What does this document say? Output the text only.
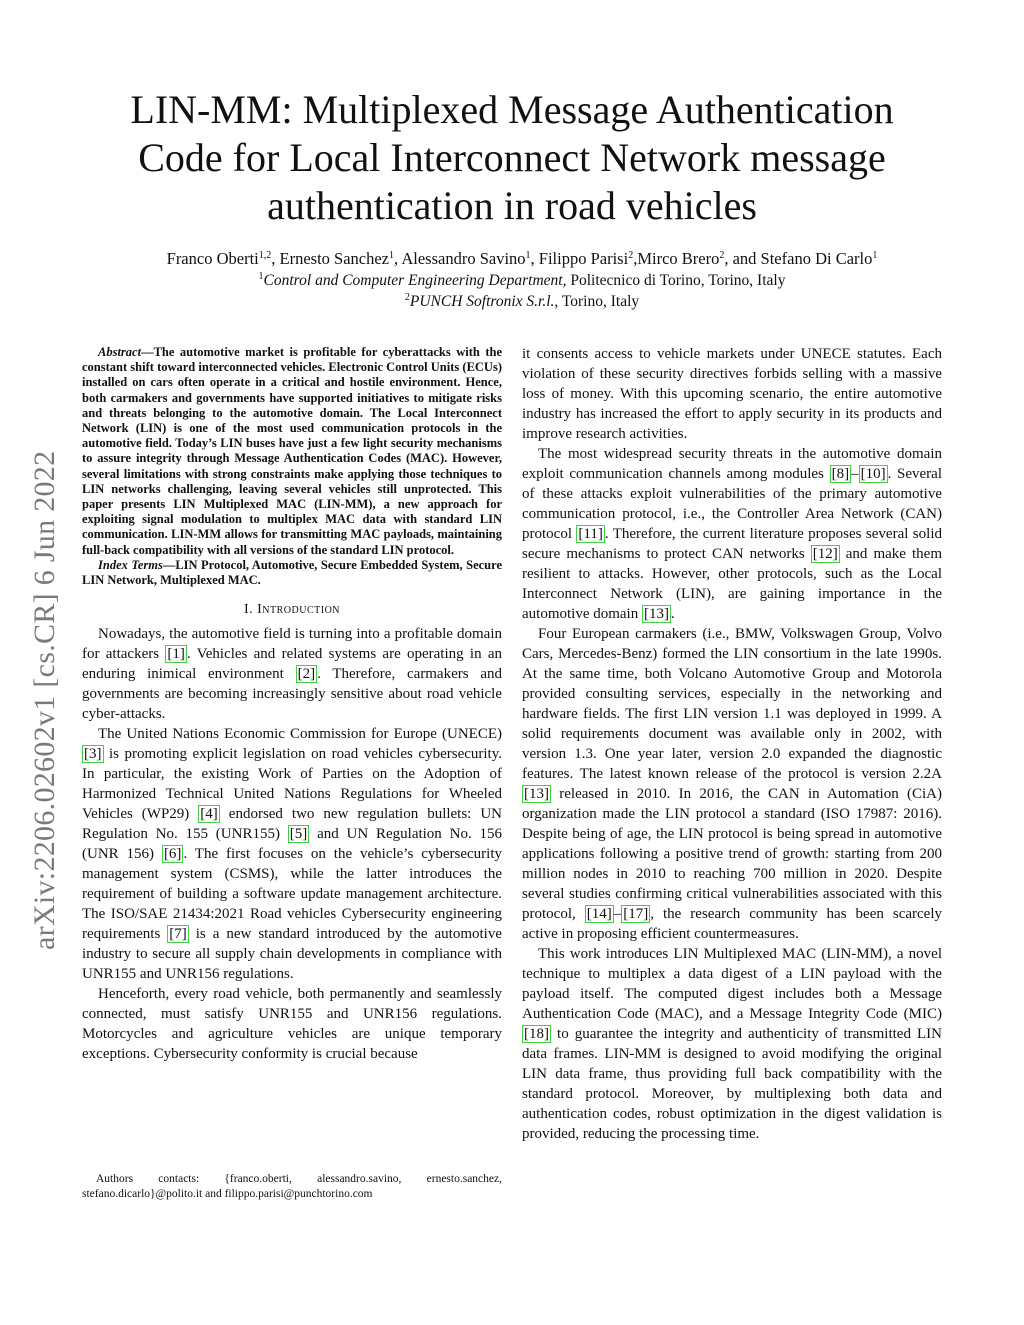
LIN-MM: Multiplexed Message Authentication Code for Local Interconnect Network message authentication in road vehicles
Franco Oberti$^{1,2}$, Ernesto Sanchez$^1$, Alessandro Savino$^1$, Filippo Parisi$^2$,Mirco Brero$^2$, and Stefano Di Carlo$^1$
$^1$Control and Computer Engineering Department, Politecnico di Torino, Torino, Italy
$^2$PUNCH Softronix S.r.l., Torino, Italy
arXiv:2206.02602v1 [cs.CR] 6 Jun 2022

Abstract—The automotive market is profitable for cyberattacks with the constant shift toward interconnected vehicles. Electronic Control Units (ECUs) installed on cars often operate in a critical and hostile environment. Hence, both carmakers and governments have supported initiatives to mitigate risks and threats belonging to the automotive domain. The Local Interconnect Network (LIN) is one of the most used communication protocols in the automotive field. Today’s LIN buses have just a few light security mechanisms to assure integrity through Message Authentication Codes (MAC). However, several limitations with strong constraints make applying those techniques to LIN networks challenging, leaving several vehicles still unprotected. This paper presents LIN Multiplexed MAC (LIN-MM), a new approach for exploiting signal modulation to multiplex MAC data with standard LIN communication. LIN-MM allows for transmitting MAC payloads, maintaining full-back compatibility with all versions of the standard LIN protocol.

Index Terms—LIN Protocol, Automotive, Secure Embedded System, Secure LIN Network, Multiplexed MAC.

I. Introduction

Nowadays, the automotive field is turning into a profitable domain for attackers [1] . Vehicles and related systems are operating in an enduring inimical environment [2] . Therefore, carmakers and governments are becoming increasingly sensitive about road vehicle cyber-attacks.

The United Nations Economic Commission for Europe (UNECE) [3] is promoting explicit legislation on road vehicles cybersecurity. In particular, the existing Work of Parties on the Adoption of Harmonized Technical United Nations Regulations for Wheeled Vehicles (WP29) [4] endorsed two new regulation bullets: UN Regulation No. 155 (UNR155) [5] and UN Regulation No. 156 (UNR 156) [6] . The first focuses on the vehicle’s cybersecurity management system (CSMS), while the latter introduces the requirement of building a software update management architecture. The ISO/SAE 21434:2021 Road vehicles Cybersecurity engineering requirements [7] is a new standard introduced by the automotive industry to secure all supply chain developments in compliance with UNR155 and UNR156 regulations.

Henceforth, every road vehicle, both permanently and seamlessly connected, must satisfy UNR155 and UNR156 regulations. Motorcycles and agriculture vehicles are unique temporary exceptions. Cybersecurity conformity is crucial because

Authors contacts: {franco.oberti, alessandro.savino, ernesto.sanchez, stefano.dicarlo}@polito.it and filippo.parisi@punchtorino.com

it consents access to vehicle markets under UNECE statutes. Each violation of these security directives forbids selling with a massive loss of money. With this upcoming scenario, the entire automotive industry has increased the effort to apply security in its products and improve research activities.

The most widespread security threats in the automotive domain exploit communication channels among modules [8] – [10] . Several of these attacks exploit vulnerabilities of the primary automotive communication protocol, i.e., the Controller Area Network (CAN) protocol [11] . Therefore, the current literature proposes several solid secure mechanisms to protect CAN networks [12] and make them resilient to attacks. However, other protocols, such as the Local Interconnect Network (LIN), are gaining importance in the automotive domain [13] .

Four European carmakers (i.e., BMW, Volkswagen Group, Volvo Cars, Mercedes-Benz) formed the LIN consortium in the late 1990s. At the same time, both Volcano Automotive Group and Motorola provided consulting services, especially in the networking and hardware fields. The first LIN version 1.1 was deployed in 1999. A solid requirements document was available only in 2002, with version 1.3. One year later, version 2.0 expanded the diagnostic features. The latest known release of the protocol is version 2.2A [13] released in 2010. In 2016, the CAN in Automation (CiA) organization made the LIN protocol a standard (ISO 17987: 2016). Despite being of age, the LIN protocol is being spread in automotive applications following a positive trend of growth: starting from 200 million nodes in 2010 to reaching 700 million in 2020. Despite several studies confirming critical vulnerabilities associated with this protocol, [14] – [17] , the research community has been scarcely active in proposing efficient countermeasures.

This work introduces LIN Multiplexed MAC (LIN-MM), a novel technique to multiplex a data digest of a LIN payload with the payload itself. The computed digest includes both a Message Authentication Code (MAC), and a Message Integrity Code (MIC) [18] to guarantee the integrity and authenticity of transmitted LIN data frames. LIN-MM is designed to avoid modifying the original LIN data frame, thus providing full back compatibility with the standard protocol. Moreover, by multiplexing both data and authentication codes, robust optimization in the digest validation is provided, reducing the processing time.
